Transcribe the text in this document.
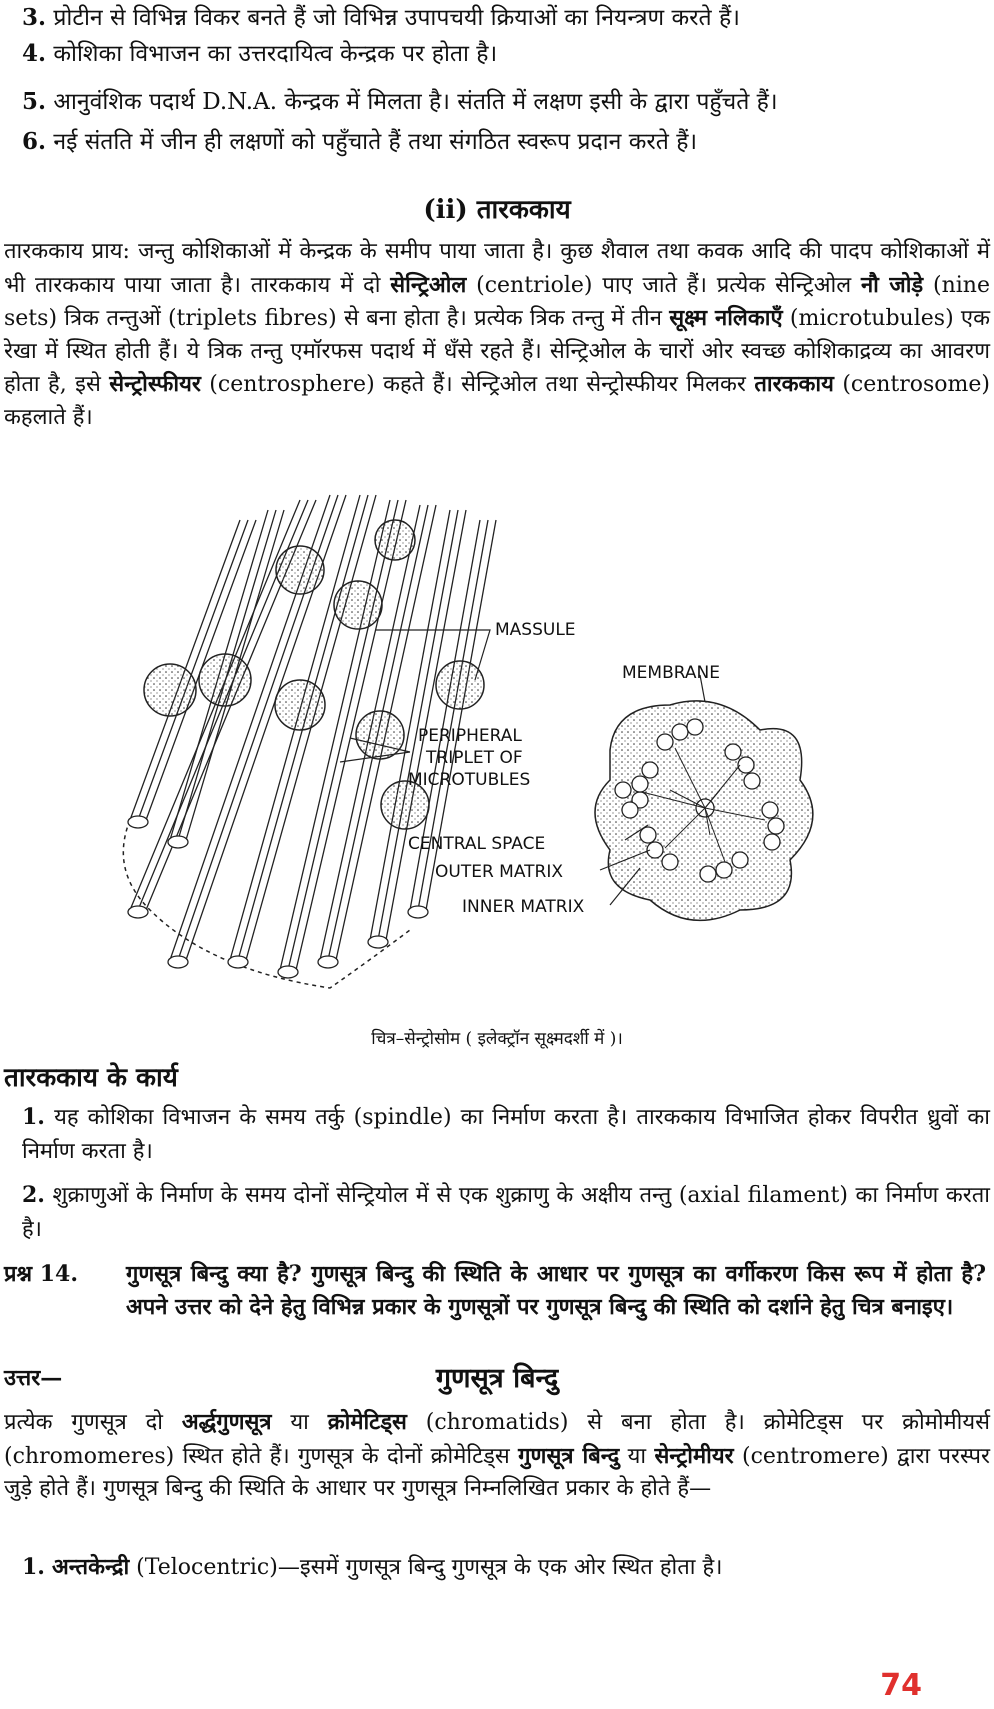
3. प्रोटीन से विभिन्न विकर बनते हैं जो विभिन्न उपापचयी क्रियाओं का नियन्त्रण करते हैं।
4. कोशिका विभाजन का उत्तरदायित्व केन्द्रक पर होता है।
5. आनुवंशिक पदार्थ D.N.A. केन्द्रक में मिलता है। संतति में लक्षण इसी के द्वारा पहुँचते हैं।
6. नई संतति में जीन ही लक्षणों को पहुँचाते हैं तथा संगठित स्वरूप प्रदान करते हैं।
(ii) तारककाय
तारककाय प्राय: जन्तु कोशिकाओं में केन्द्रक के समीप पाया जाता है। कुछ शैवाल तथा कवक आदि की पादप कोशिकाओं में भी तारककाय पाया जाता है। तारककाय में दो सेन्ट्रिओल (centriole) पाए जाते हैं। प्रत्येक सेन्ट्रिओल नौ जोड़े (nine sets) त्रिक तन्तुओं (triplets fibres) से बना होता है। प्रत्येक त्रिक तन्तु में तीन सूक्ष्म नलिकाएँ (microtubules) एक रेखा में स्थित होती हैं। ये त्रिक तन्तु एमॉरफस पदार्थ में धँसे रहते हैं। सेन्ट्रिओल के चारों ओर स्वच्छ कोशिकाद्रव्य का आवरण होता है, इसे सेन्ट्रोस्फीयर (centrosphere) कहते हैं। सेन्ट्रिओल तथा सेन्ट्रोस्फीयर मिलकर तारककाय (centrosome) कहलाते हैं।
MASSULE
MEMBRANE
PERIPHERAL
TRIPLET OF
MICROTUBLES
CENTRAL SPACE
OUTER MATRIX
INNER MATRIX
चित्र–सेन्ट्रोसोम ( इलेक्ट्रॉन सूक्ष्मदर्शी में )।
तारककाय के कार्य
1. यह कोशिका विभाजन के समय तर्कु (spindle) का निर्माण करता है। तारककाय विभाजित होकर विपरीत ध्रुवों का निर्माण करता है।
2. शुक्राणुओं के निर्माण के समय दोनों सेन्ट्रियोल में से एक शुक्राणु के अक्षीय तन्तु (axial filament) का निर्माण करता है।
प्रश्न 14. गुणसूत्र बिन्दु क्या है? गुणसूत्र बिन्दु की स्थिति के आधार पर गुणसूत्र का वर्गीकरण किस रूप में होता है? अपने उत्तर को देने हेतु विभिन्न प्रकार के गुणसूत्रों पर गुणसूत्र बिन्दु की स्थिति को दर्शाने हेतु चित्र बनाइए।
उत्तर—	गुणसूत्र बिन्दु
प्रत्येक गुणसूत्र दो अर्द्धगुणसूत्र या क्रोमेटिड्स (chromatids) से बना होता है। क्रोमेटिड्स पर क्रोमोमीयर्स (chromomeres) स्थित होते हैं। गुणसूत्र के दोनों क्रोमेटिड्स गुणसूत्र बिन्दु या सेन्ट्रोमीयर (centromere) द्वारा परस्पर जुड़े होते हैं। गुणसूत्र बिन्दु की स्थिति के आधार पर गुणसूत्र निम्नलिखित प्रकार के होते हैं—
1. अन्तकेन्द्री (Telocentric)—इसमें गुणसूत्र बिन्दु गुणसूत्र के एक ओर स्थित होता है।
74
